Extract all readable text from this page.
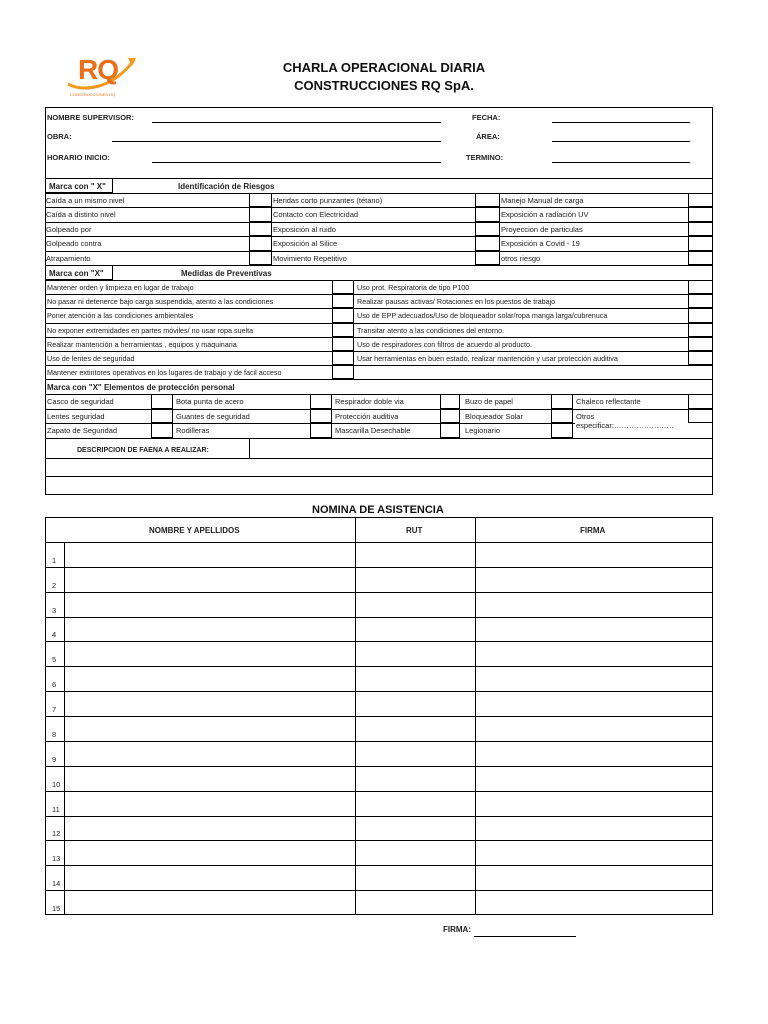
RQ
CONSTRUCCIONES RQ
CHARLA OPERACIONAL DIARIA
CONSTRUCCIONES RQ SpA.
NOMBRE SUPERVISOR:	FECHA:
OBRA:	ÁREA:
HORARIO INICIO:	TERMINO:
Marca con " X"	Identificación de Riesgos
Caída a un mismo nivel	Heridas corto punzantes (tétano)	Manejo Manual de carga
Caída a distinto nivel	Contacto con Electricidad	Exposición a radiación UV
Golpeado por	Exposición al ruido	Proyeccion de particulas
Golpeado contra	Exposición al Silice	Exposición a Covid - 19
Atrapamiento	Movimiento Repetitivo	otros riesgo
Marca con "X"	Medidas de Preventivas
Mantener orden y limpieza en lugar de trabajo	Uso prot. Respiratoria de tipo P100
No pasar ni detenerce bajo carga suspendida, atento a las condiciones	Realizar pausas activas/ Rotaciones en los puestos de trabajo
Poner atención a las condiciones ambientales	Uso de EPP adecuados/Uso de bloqueador solar/ropa manga larga/cubrenuca
No exponer extremidades en partes móviles/ no usar ropa suelta	Transitar atento a las condiciones del entorno.
Realizar mantención a herramientas , equipos y maquinaria	Uso de respiradores con filtros de acuerdo al producto.
Uso de lentes de seguridad	Usar herramientas en buen estado, realizar mantención y usar protección auditiva
Mantener extintores operativos en los lugares de trabajo y de facil acceso
Marca con "X" Elementos de protección personal
Casco de seguridad	Bota punta de acero	Respirador doble via	Buzo de papel	Chaleco reflectante
Lentes seguridad	Guantes de seguridad	Protección auditiva	Bloqueador Solar	Otros
Zapato de Seguridad	Rodilleras	Mascarilla Desechable	Legionario
especificar:……………………
DESCRIPCION DE FAENA A REALIZAR:
NOMINA DE ASISTENCIA
NOMBRE Y APELLIDOS	RUT	FIRMA
1
2
3
4
5
6
7
8
9
10
11
12
13
14
15
FIRMA:
